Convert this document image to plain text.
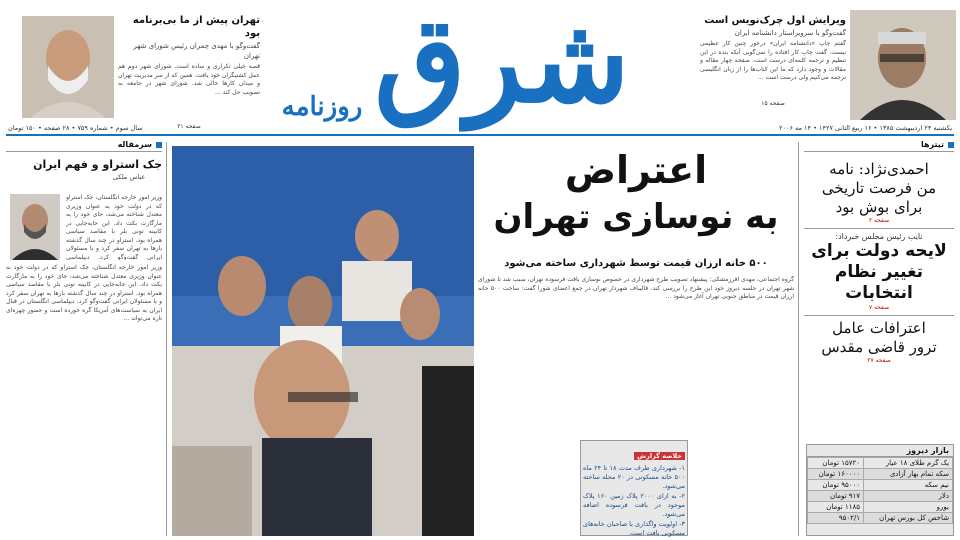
شرق
روزنامه
ویرایش اول چرک‌نویس است
گفت‌وگو با سرویراستار دانشنامه ایران
گفتم چاپ «دانشنامه ایران» درخور چنین کار عظیمی نیست. گفت چاپ کار افتاده را نمی‌گویی آنکه بنده در این تنظیم و ترجمه کلمه‌ای درست است. صفحه چهار مقاله و مقالات و وجود دارد که ما این کتاب‌ها را از زبان انگلیسی ترجمه می‌کنیم ولی درست است ...
صفحه ۱۵
تهران پیش از ما بی‌برنامه بود
گفت‌وگو با مهدی چمران رئیس شورای شهر تهران
قصه خیلی تکراری و ساده است. شورای شهر دوم هم عمل کشتیگران خود یافت. همین که از سر مدیریت تهران و میدان کارها خالی شد. شورای شهر در جامعه به تصویب حل کند ...
صفحه ۲۱	یکشنبه ۲۴ اردیبهشت ۱۳۸۵ • ۱۶ ربیع الثانی ۱۴۲۷ • ۱۴ مه ۲۰۰۶
سال سوم • شماره ۷۵۹ • ۲۸ صفحه • ۱۵۰ تومان
تیترها
احمدی‌نژاد: نامه من فرصت تاریخی برای بوش بود
صفحه ۲
نایب رئیس مجلس خبرداد:
لایحه دولت برای تغییر نظام انتخابات
صفحه ۷
اعترافات عامل ترور قاضی مقدس
صفحه ۲۷
بازار دیروز
یک گرم طلای ۱۸ عیار	۱۵۷۲۰ تومان
سکه تمام بهار آزادی	۱۶۰۰۰۰ تومان
نیم سکه	۹۵۰۰۰ تومان
دلار	۹۱۷ تومان
یورو	۱۱۸۵ تومان
شاخص کل بورس تهران	۹۵۰۲/۱
اعتراض
به نوسازی تهران
۵۰۰ خانه ارزان قیمت توسط شهرداری ساخته می‌شود
گروه اجتماعی، مهدی افرزمشکی: پیشنهاد تصویب طرح شهرداری در خصوص نوسازی بافت فرسوده تهران، سبب شد تا شورای شهر تهران در جلسه دیروز خود این طرح را بررسی کند. قالیباف شهردار تهران در جمع اعضای شورا گفت: ساخت ۵۰۰ خانه ارزان قیمت در مناطق جنوبی تهران آغاز می‌شود ...
خلاصه گزارش
۱- شهرداری طرف مدت ۱۸ تا ۲۴ ماه ۵۰۰ خانه مسکونی در ۲۰ محله ساخته می‌شود.
۲- به ازای ۲۰۰۰ پلاک زمین ۱۶۰ پلاک موجود در بافت فرسوده اضافه می‌شود.
۳- اولویت واگذاری با صاحبان خانه‌های مسکونی بافت است.
سرمقاله
جک استراو و فهم ایران
عباس ملکی
وزیر امور خارجه انگلستان، جک استراو که در دولت خود به عنوان وزیری معتدل شناخته می‌شد، جای خود را به مارگارت بکت داد. این جابه‌جایی در کابینه تونی بلر با مقاصد سیاسی همراه بود. استراو در چند سال گذشته بارها به تهران سفر کرد و با مسئولان ایرانی گفت‌وگو کرد. دیپلماسی
وزیر امور خارجه انگلستان، جک استراو که در دولت خود به عنوان وزیری معتدل شناخته می‌شد، جای خود را به مارگارت بکت داد. این جابه‌جایی در کابینه تونی بلر با مقاصد سیاسی همراه بود. استراو در چند سال گذشته بارها به تهران سفر کرد و با مسئولان ایرانی گفت‌وگو کرد. دیپلماسی انگلستان در قبال ایران به سیاست‌های آمریکا گره خورده است و حضور چهره‌ای تازه می‌تواند ...
